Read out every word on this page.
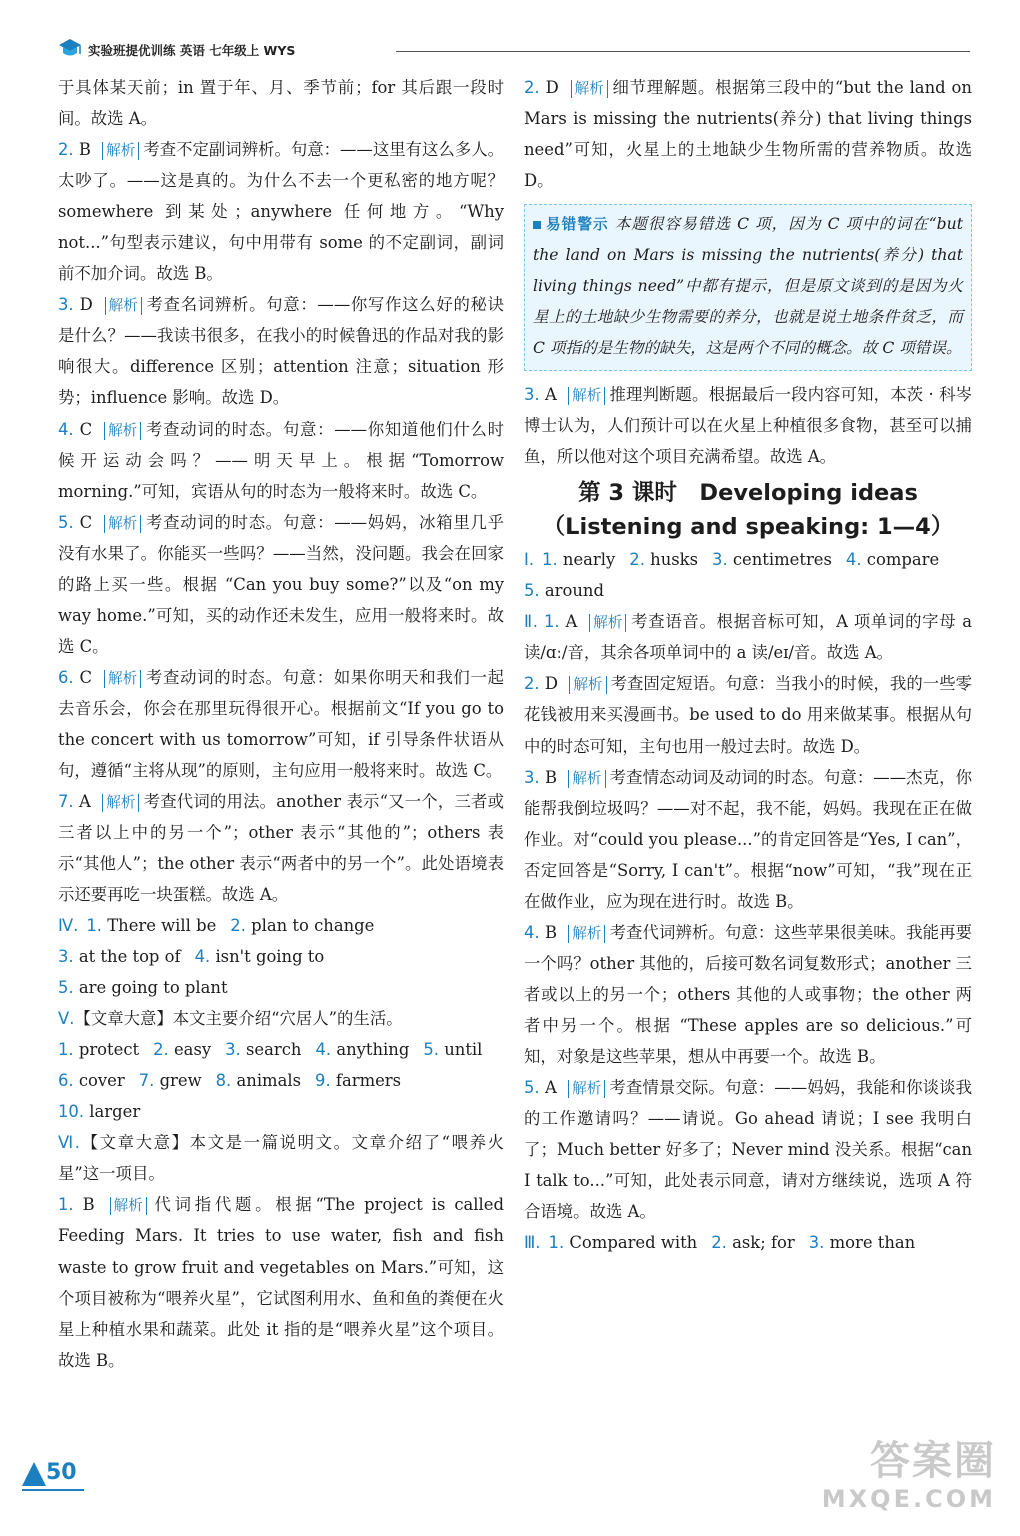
实验班提优训练 英语 七年级上 WYS

于具体某天前；in 置于年、月、季节前；for 其后跟一段时间。故选 A。

2. B 解析 考查不定副词辨析。句意：——这里有这么多人。太吵了。——这是真的。为什么不去一个更私密的地方呢？somewhere 到某处；anywhere 任何地方。“Why not...”句型表示建议，句中用带有 some 的不定副词，副词前不加介词。故选 B。

3. D 解析 考查名词辨析。句意：——你写作这么好的秘诀是什么？——我读书很多，在我小的时候鲁迅的作品对我的影响很大。difference 区别；attention 注意；situation 形势；influence 影响。故选 D。

4. C 解析 考查动词的时态。句意：——你知道他们什么时候开运动会吗？——明天早上。根据“Tomorrow morning.”可知，宾语从句的时态为一般将来时。故选 C。

5. C 解析 考查动词的时态。句意：——妈妈，冰箱里几乎没有水果了。你能买一些吗？——当然，没问题。我会在回家的路上买一些。根据 “Can you buy some?”以及“on my way home.”可知，买的动作还未发生，应用一般将来时。故选 C。

6. C 解析 考查动词的时态。句意：如果你明天和我们一起去音乐会，你会在那里玩得很开心。根据前文“If you go to the concert with us tomorrow”可知，if 引导条件状语从句，遵循“主将从现”的原则，主句应用一般将来时。故选 C。

7. A 解析 考查代词的用法。another 表示“又一个，三者或三者以上中的另一个”；other 表示“其他的”；others 表示“其他人”；the other 表示“两者中的另一个”。此处语境表示还要再吃一块蛋糕。故选 A。

Ⅳ. 1. There will be 2. plan to change
3. at the top of 4. isn't going to
5. are going to plant

Ⅴ.【文章大意】本文主要介绍“穴居人”的生活。

1. protect 2. easy 3. search 4. anything 5. until
6. cover 7. grew 8. animals 9. farmers
10. larger

Ⅵ.【文章大意】本文是一篇说明文。文章介绍了“喂养火星”这一项目。

1. B 解析 代词指代题。根据“The project is called Feeding Mars. It tries to use water, fish and fish waste to grow fruit and vegetables on Mars.”可知，这个项目被称为“喂养火星”，它试图利用水、鱼和鱼的粪便在火星上种植水果和蔬菜。此处 it 指的是“喂养火星”这个项目。故选 B。

2. D 解析 细节理解题。根据第三段中的“but the land on Mars is missing the nutrients(养分) that living things need”可知，火星上的土地缺少生物所需的营养物质。故选 D。

易错警示 本题很容易错选 C 项，因为 C 项中的词在“but the land on Mars is missing the nutrients(养分) that living things need”中都有提示，但是原文谈到的是因为火星上的土地缺少生物需要的养分，也就是说土地条件贫乏，而 C 项指的是生物的缺失，这是两个不同的概念。故 C 项错误。

3. A 解析 推理判断题。根据最后一段内容可知，本茨 · 科岑博士认为，人们预计可以在火星上种植很多食物，甚至可以捕鱼，所以他对这个项目充满希望。故选 A。

第 3 课时　Developing ideas
（Listening and speaking: 1—4）
Ⅰ. 1. nearly 2. husks 3. centimetres 4. compare
5. around

Ⅱ. 1. A 解析 考查语音。根据音标可知，A 项单词的字母 a 读/ɑː/音，其余各项单词中的 a 读/eɪ/音。故选 A。

2. D 解析 考查固定短语。句意：当我小的时候，我的一些零花钱被用来买漫画书。be used to do 用来做某事。根据从句中的时态可知，主句也用一般过去时。故选 D。

3. B 解析 考查情态动词及动词的时态。句意：——杰克，你能帮我倒垃圾吗？——对不起，我不能，妈妈。我现在正在做作业。对“could you please...”的肯定回答是“Yes, I can”，否定回答是“Sorry, I can't”。根据“now”可知，“我”现在正在做作业，应为现在进行时。故选 B。

4. B 解析 考查代词辨析。句意：这些苹果很美味。我能再要一个吗？other 其他的，后接可数名词复数形式；another 三者或以上的另一个；others 其他的人或事物；the other 两者中另一个。根据 “These apples are so delicious.”可知，对象是这些苹果，想从中再要一个。故选 B。

5. A 解析 考查情景交际。句意：——妈妈，我能和你谈谈我的工作邀请吗？——请说。Go ahead 请说；I see 我明白了；Much better 好多了；Never mind 没关系。根据“can I talk to...”可知，此处表示同意，请对方继续说，选项 A 符合语境。故选 A。

Ⅲ. 1. Compared with 2. ask; for 3. more than
50	答案圈
MXQE.COM
